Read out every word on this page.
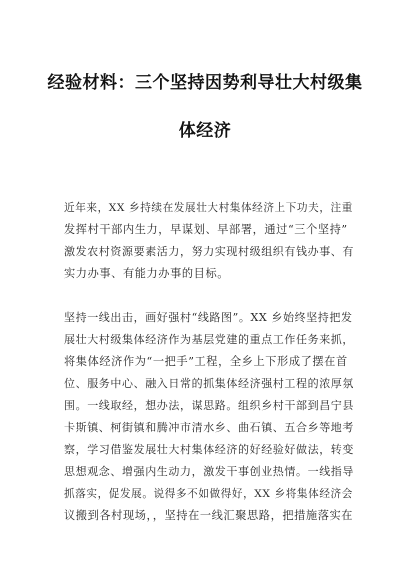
经验材料：三个坚持因势利导壮大村级集
体经济
近年来，XX 乡持续在发展壮大村集体经济上下功夫，注重
发挥村干部内生力，早谋划、早部署，通过“三个坚持”
激发农村资源要素活力，努力实现村级组织有钱办事、有
实力办事、有能力办事的目标。
坚持一线出击，画好强村“线路图”。XX 乡始终坚持把发
展壮大村级集体经济作为基层党建的重点工作任务来抓，
将集体经济作为“一把手”工程，全乡上下形成了摆在首
位、服务中心、融入日常的抓集体经济强村工程的浓厚氛
围。一线取经，想办法，谋思路。组织乡村干部到昌宁县
卡斯镇、柯街镇和腾冲市清水乡、曲石镇、五合乡等地考
察，学习借鉴发展壮大村集体经济的好经验好做法，转变
思想观念、增强内生动力，激发干事创业热情。一线指导
抓落实，促发展。说得多不如做得好，XX 乡将集体经济会
议搬到各村现场，，坚持在一线汇聚思路，把措施落实在
